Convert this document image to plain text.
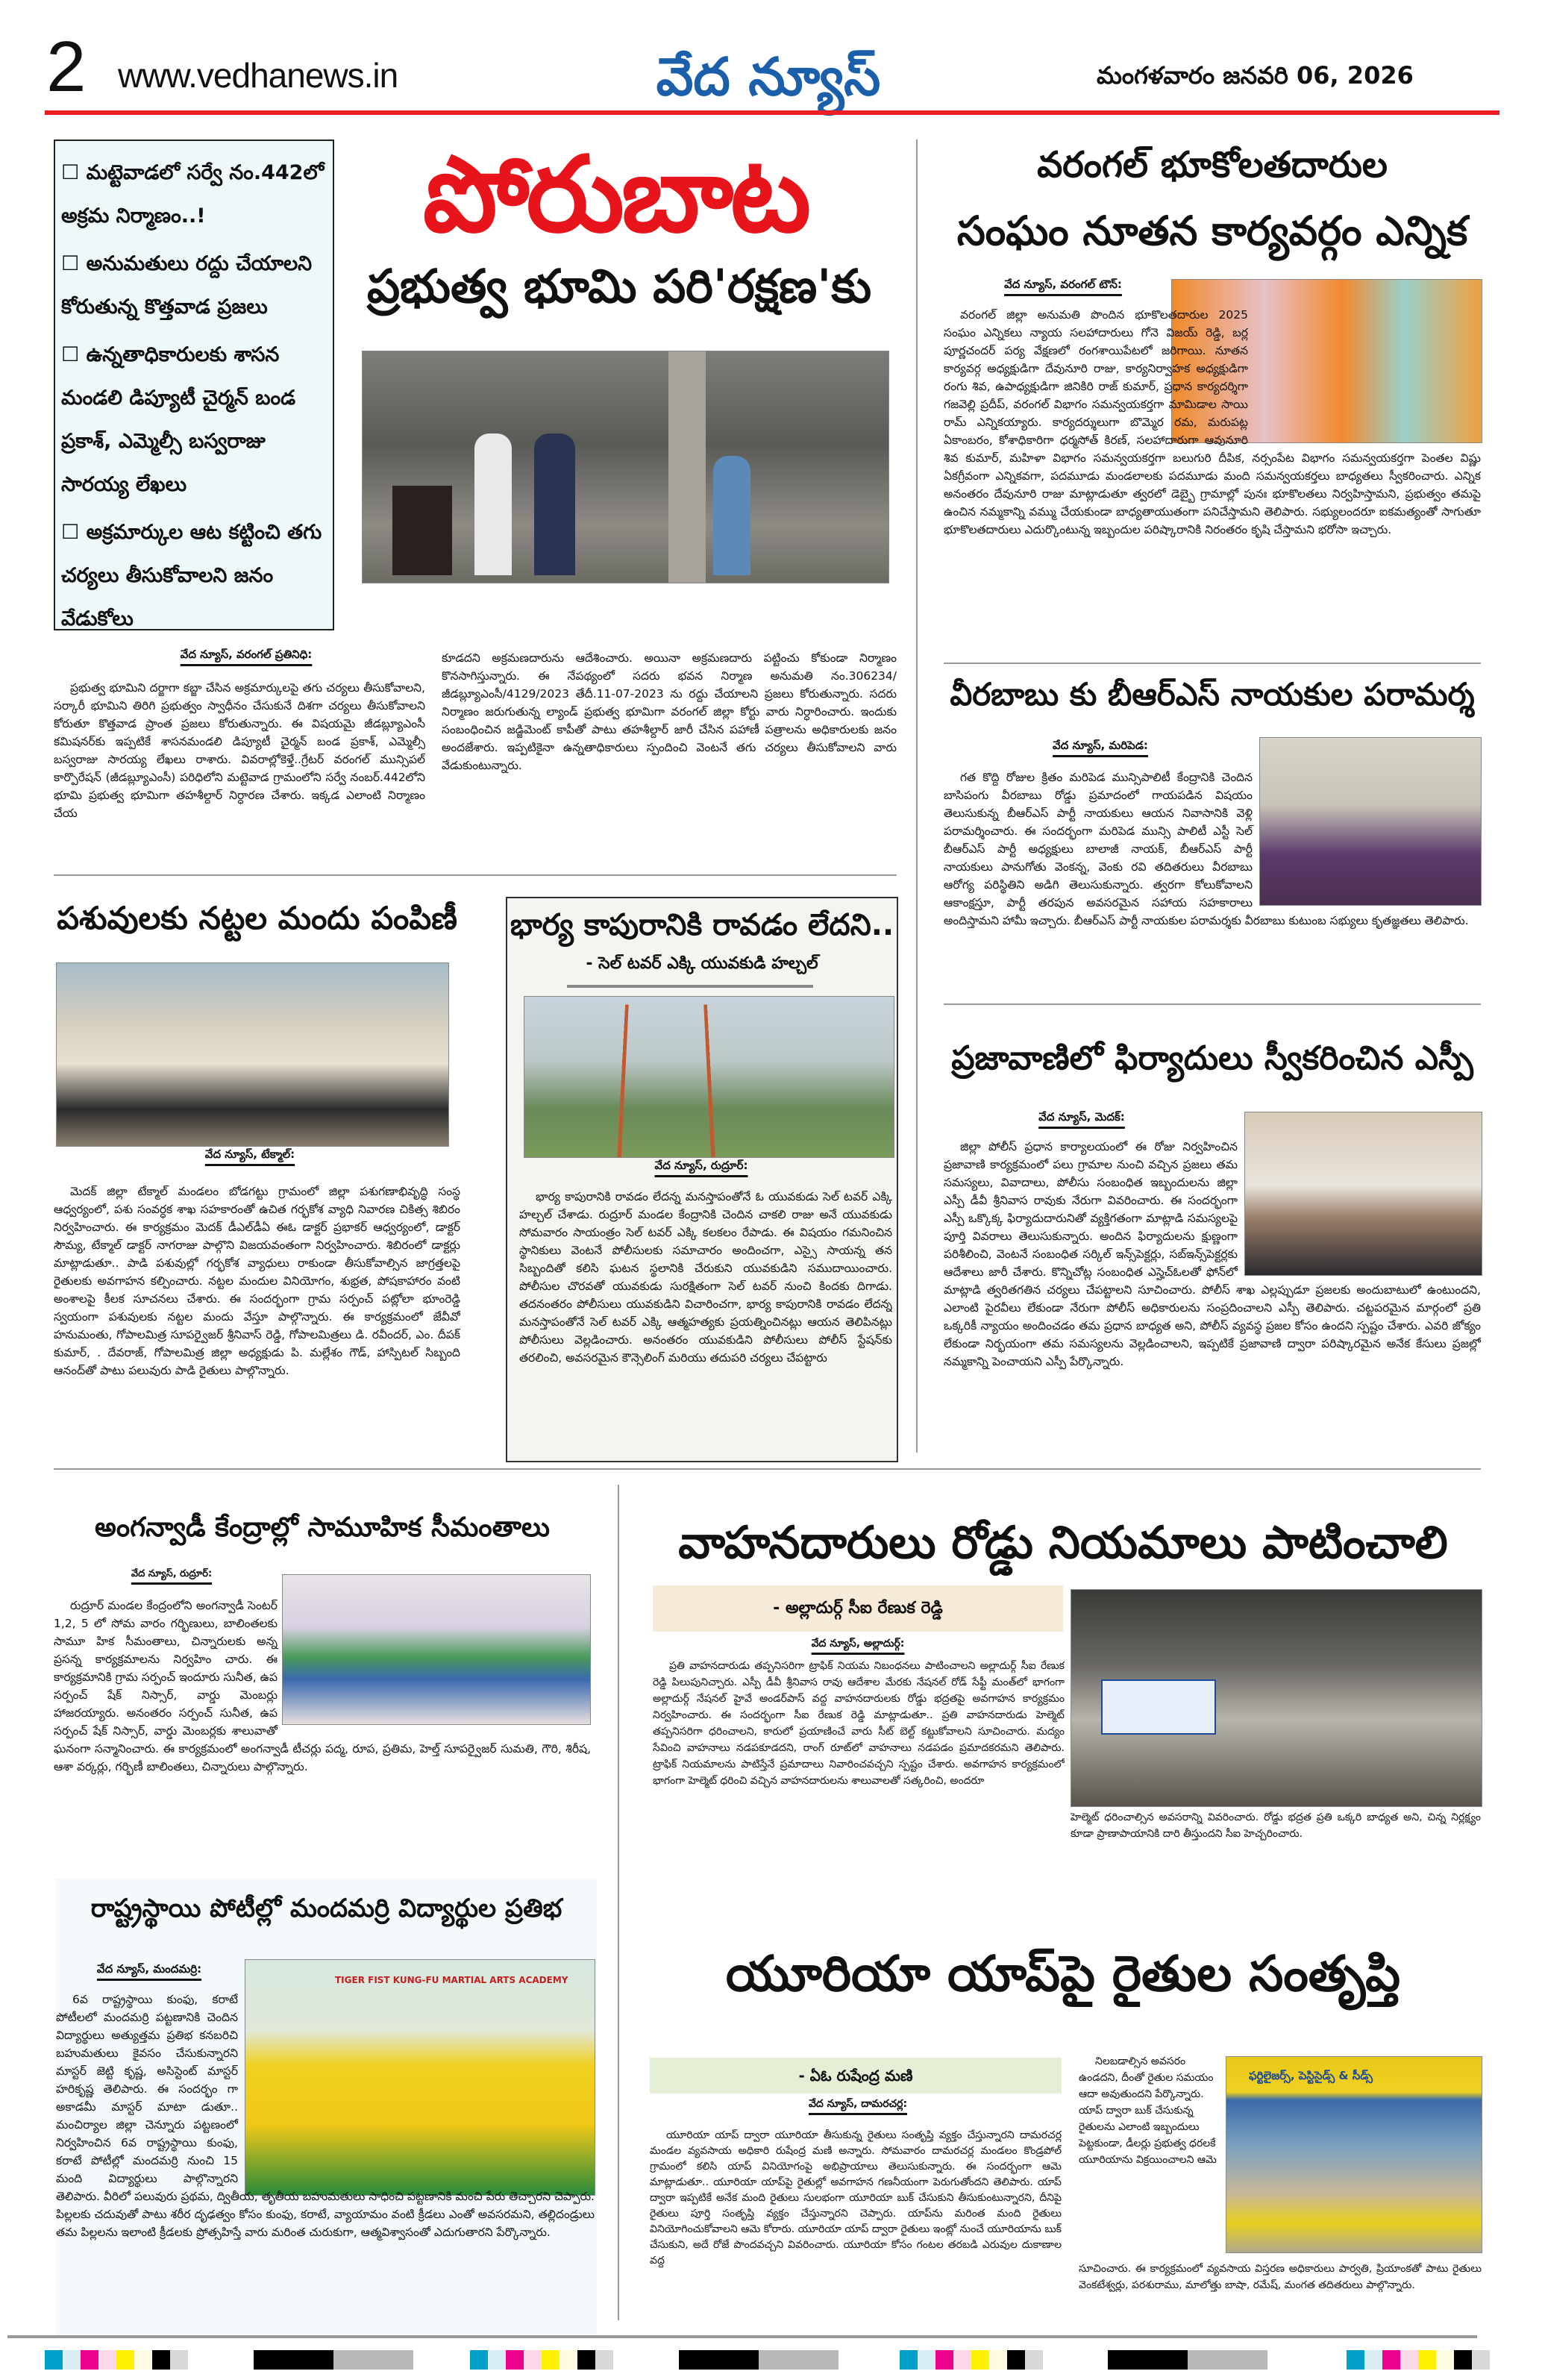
2 www.vedhanews.in	వేద న్యూస్	మంగళవారం జనవరి 06, 2026
☐ మట్టెవాడలో సర్వే నం.442లో అక్రమ నిర్మాణం..!
☐ అనుమతులు రద్దు చేయాలని కోరుతున్న కొత్తవాడ ప్రజలు
☐ ఉన్నతాధికారులకు శాసన మండలి డిప్యూటీ చైర్మన్ బండ ప్రకాశ్, ఎమ్మెల్సీ బస్వరాజు సారయ్య లేఖలు
☐ అక్రమార్కుల ఆట కట్టించి తగు చర్యలు తీసుకోవాలని జనం వేడుకోలు
పోరుబాట
ప్రభుత్వ భూమి పరి'రక్షణ'కు
వేద న్యూస్, వరంగల్ ప్రతినిధి:
ప్రభుత్వ భూమిని దర్జాగా కబ్జా చేసిన అక్రమార్కులపై తగు చర్యలు తీసుకోవాలని, సర్కారీ భూమిని తిరిగి ప్రభుత్వం స్వాధీనం చేసుకునే దిశగా చర్యలు తీసుకోవాలని కోరుతూ కొత్తవాడ ప్రాంత ప్రజలు కోరుతున్నారు. ఈ విషయమై జీడబ్ల్యూఎంసీ కమిషనర్‌కు ఇప్పటికే శాసనమండలి డిప్యూటీ చైర్మన్ బండ ప్రకాశ్, ఎమ్మెల్సీ బస్వరాజు సారయ్య లేఖలు రాశారు. వివరాల్లోకెళ్తే..గ్రేటర్ వరంగల్ మున్సిపల్ కార్పొరేషన్ (జీడబ్ల్యూఎంసీ) పరిధిలోని మట్టెవాడ గ్రామంలోని సర్వే నంబర్.442లోని భూమి ప్రభుత్వ భూమిగా తహశీల్దార్ నిర్ధారణ చేశారు. ఇక్కడ ఎలాంటి నిర్మాణం చేయ
కూడదని అక్రమణదారును ఆదేశించారు. అయినా అక్రమణదారు పట్టించు కోకుండా నిర్మాణం కొనసాగిస్తున్నారు. ఈ నేపథ్యంలో సదరు భవన నిర్మాణ అనుమతి నం.306234/జీడబ్ల్యూఎంసీ/4129/2023 తేదీ.11-07-2023 ను రద్దు చేయాలని ప్రజలు కోరుతున్నారు. సదరు నిర్మాణం జరుగుతున్న ల్యాండ్ ప్రభుత్వ భూమిగా వరంగల్ జిల్లా కోర్టు వారు నిర్ధారించారు. ఇందుకు సంబంధించిన జడ్జిమెంట్ కాపీతో పాటు తహశీల్దార్ జారీ చేసిన పహాణీ పత్రాలను అధికారులకు జనం అందజేశారు. ఇప్పటికైనా ఉన్నతాధికారులు స్పందించి వెంటనే తగు చర్యలు తీసుకోవాలని వారు వేడుకుంటున్నారు.
వరంగల్ భూకోలతదారుల
సంఘం నూతన కార్యవర్గం ఎన్నిక
వేద న్యూస్, వరంగల్ టౌన్:
వరంగల్ జిల్లా అనుమతి పొందిన భూకొలతదారుల 2025 సంఘం ఎన్నికలు న్యాయ సలహాదారులు గోనె విజయ్ రెడ్డి, బర్ల పూర్ణచందర్ పర్య వేక్షణలో రంగశాయిపేటలో జరిగాయి. నూతన కార్యవర్గ అధ్యక్షుడిగా దేవునూరి రాజు, కార్యనిర్వాహక అధ్యక్షుడిగా రంగు శివ, ఉపాధ్యక్షుడిగా జినికిరి రాజ్ కుమార్, ప్రధాన కార్యదర్శిగా గజవెల్లి ప్రదీప్, వరంగల్ విభాగం సమన్వయకర్తగా మామిడాల సాయి రామ్ ఎన్నికయ్యారు. కార్యదర్శులుగా బొమ్మెర రమ, మరుపట్ల ఏకాంబరం, కోశాధికారిగా ధర్మసోత్ కిరణ్, సలహాదారుగా ఆవునూరి శివ కుమార్, మహిళా విభాగం సమన్వయకర్తగా బలుగురి దీపిక, నర్సంపేట విభాగం సమన్వయకర్తగా పెంతల విష్ణు ఏకగ్రీవంగా ఎన్నికవగా, పదమూడు మండలాలకు పదమూడు మంది సమన్వయకర్తలు బాధ్యతలు స్వీకరించారు. ఎన్నిక అనంతరం దేవునూరి రాజు మాట్లాడుతూ త్వరలో డెబ్బై గ్రామాల్లో పునః భూకొలతలు నిర్వహిస్తామని, ప్రభుత్వం తమపై ఉంచిన నమ్మకాన్ని వమ్ము చేయకుండా బాధ్యతాయుతంగా పనిచేస్తామని తెలిపారు. సభ్యులందరూ ఐకమత్యంతో సాగుతూ భూకొలతదారులు ఎదుర్కొంటున్న ఇబ్బందుల పరిష్కారానికి నిరంతరం కృషి చేస్తామని భరోసా ఇచ్చారు.
వీరబాబు కు బీఆర్ఎస్ నాయకుల పరామర్శ
వేద న్యూస్, మరిపెడ:
గత కొద్ది రోజుల క్రితం మరిపెడ మున్సిపాలిటీ కేంద్రానికి చెందిన బాసిపంగు వీరబాబు రోడ్డు ప్రమాదంలో గాయపడిన విషయం తెలుసుకున్న బీఆర్ఎస్ పార్టీ నాయకులు ఆయన నివాసానికి వెళ్లి పరామర్శించారు. ఈ సందర్భంగా మరిపెడ మున్సి పాలిటీ ఎస్టీ సెల్ బీఆర్ఎస్ పార్టీ అధ్యక్షులు బాలాజీ నాయక్, బీఆర్ఎస్ పార్టీ నాయకులు పానుగోతు వెంకన్న, వెంకు రవి తదితరులు వీరబాబు ఆరోగ్య పరిస్థితిని అడిగి తెలుసుకున్నారు. త్వరగా కోలుకోవాలని ఆకాంక్షస్తూ, పార్టీ తరపున అవసరమైన సహాయ సహకారాలు అందిస్తామని హామీ ఇచ్చారు. బీఆర్ఎస్ పార్టీ నాయకుల పరామర్శకు వీరబాబు కుటుంబ సభ్యులు కృతజ్ఞతలు తెలిపారు.
ప్రజావాణిలో ఫిర్యాదులు స్వీకరించిన ఎస్పీ
వేద న్యూస్, మెదక్:
జిల్లా పోలీస్ ప్రధాన కార్యాలయంలో ఈ రోజు నిర్వహించిన ప్రజావాణి కార్యక్రమంలో పలు గ్రామాల నుంచి వచ్చిన ప్రజలు తమ సమస్యలు, వివాదాలు, పోలీసు సంబంధిత ఇబ్బందులను జిల్లా ఎస్పీ డీవీ శ్రీనివాస రావుకు నేరుగా వివరించారు. ఈ సందర్భంగా ఎస్పీ ఒక్కొక్క ఫిర్యాదుదారునితో వ్యక్తిగతంగా మాట్లాడి సమస్యలపై పూర్తి వివరాలు తెలుసుకున్నారు. అందిన ఫిర్యాదులను క్షుణ్ణంగా పరిశీలించి, వెంటనే సంబంధిత సర్కిల్ ఇన్స్‌పెక్టర్లు, సబ్‌ఇన్స్‌పెక్టర్లకు ఆదేశాలు జారీ చేశారు. కొన్నిచోట్ల సంబంధిత ఎస్హెచ్ఓలతో ఫోన్‌లో మాట్లాడి త్వరితగతిన చర్యలు చేపట్టాలని సూచించారు. పోలీస్ శాఖ ఎల్లప్పుడూ ప్రజలకు అందుబాటులో ఉంటుందని, ఎలాంటి పైరవీలు లేకుండా నేరుగా పోలీస్ అధికారులను సంప్రదించాలని ఎస్పీ తెలిపారు. చట్టపరమైన మార్గంలో ప్రతి ఒక్కరికీ న్యాయం అందించడం తమ ప్రధాన బాధ్యత అని, పోలీస్ వ్యవస్థ ప్రజల కోసం ఉందని స్పష్టం చేశారు. ఎవరి జోక్యం లేకుండా నిర్భయంగా తమ సమస్యలను వెల్లడించాలని, ఇప్పటికే ప్రజావాణి ద్వారా పరిష్కారమైన అనేక కేసులు ప్రజల్లో నమ్మకాన్ని పెంచాయని ఎస్పీ పేర్కొన్నారు.
పశువులకు నట్టల మందు పంపిణీ
వేద న్యూస్, టేక్మాల్:
మెదక్ జిల్లా టేక్మాల్ మండలం బోడగట్టు గ్రామంలో జిల్లా పశుగణాభివృద్ధి సంస్థ ఆధ్వర్యంలో, పశు సంవర్ధక శాఖ సహకారంతో ఉచిత గర్భకోశ వ్యాధి నివారణ చికిత్స శిబిరం నిర్వహించారు. ఈ కార్యక్రమం మెదక్ డీఎల్‌డీఏ ఈఓ డాక్టర్ ప్రభాకర్ ఆధ్వర్యంలో, డాక్టర్ సౌమ్య, టేక్మాల్ డాక్టర్ నాగరాజు పాల్గొని విజయవంతంగా నిర్వహించారు. శిబిరంలో డాక్టర్లు మాట్లాడుతూ.. పాడి పశువుల్లో గర్భకోశ వ్యాధులు రాకుండా తీసుకోవాల్సిన జాగ్రత్తలపై రైతులకు అవగాహన కల్పించారు. నట్టల మందుల వినియోగం, శుభ్రత, పోషకాహారం వంటి అంశాలపై కీలక సూచనలు చేశారు. ఈ సందర్భంగా గ్రామ సర్పంచ్ పట్లోలా భూంరెడ్డి స్వయంగా పశువులకు నట్టల మందు వేస్తూ పాల్గొన్నారు. ఈ కార్యక్రమంలో జేవీవో హనుమంతు, గోపాలమిత్ర సూపర్వైజర్ శ్రీనివాస్ రెడ్డి, గోపాలమిత్రలు డి. రవీందర్, ఎం. దీపక్ కుమార్, . దేవరాజ్, గోపాలమిత్ర జిల్లా అధ్యక్షుడు పి. మల్లేశం గౌడ్, హాస్పిటల్ సిబ్బంది ఆనంద్‌తో పాటు పలువురు పాడి రైతులు పాల్గొన్నారు.
భార్య కాపురానికి రావడం లేదని..
- సెల్ టవర్ ఎక్కి యువకుడి హల్చల్
వేద న్యూస్, రుద్రూర్:
భార్య కాపురానికి రావడం లేదన్న మనస్తాపంతోనే ఓ యువకుడు సెల్ టవర్ ఎక్కి హల్చల్ చేశాడు. రుద్రూర్ మండల కేంద్రానికి చెందిన చాకలి రాజు అనే యువకుడు సోమవారం సాయంత్రం సెల్ టవర్ ఎక్కి కలకలం రేపాడు. ఈ విషయం గమనించిన స్థానికులు వెంటనే పోలీసులకు సమాచారం అందించగా, ఎస్సై సాయన్న తన సిబ్బందితో కలిసి ఘటన స్థలానికి చేరుకుని యువకుడిని సముదాయించారు. పోలీసుల చొరవతో యువకుడు సురక్షితంగా సెల్ టవర్ నుంచి కిందకు దిగాడు. తదనంతరం పోలీసులు యువకుడిని విచారించగా, భార్య కాపురానికి రావడం లేదన్న మనస్తాపంతోనే సెల్ టవర్ ఎక్కి ఆత్మహత్యకు ప్రయత్నించినట్లు ఆయన తెలిపినట్లు పోలీసులు వెల్లడించారు. అనంతరం యువకుడిని పోలీసులు పోలీస్ స్టేషన్‌కు తరలించి, అవసరమైన కౌన్సెలింగ్ మరియు తదుపరి చర్యలు చేపట్టారు
అంగన్వాడీ కేంద్రాల్లో సామూహిక సీమంతాలు
వేద న్యూస్, రుద్రూర్:
రుద్రూర్ మండల కేంద్రంలోని అంగన్వాడీ సెంటర్ 1,2, 5 లో సోమ వారం గర్భిణులు, బాలింతలకు సామూ హిక సీమంతాలు, చిన్నారులకు అన్న ప్రసన్న కార్యక్రమాలను నిర్వహిం చారు. ఈ కార్యక్రమానికి గ్రామ సర్పంచ్ ఇందూరు సునీత, ఉప సర్పంచ్ షేక్ నిస్సార్, వార్డు మెంబర్లు హాజరయ్యారు. అనంతరం సర్పంచ్ సునీత, ఉప సర్పంచ్ షేక్ నిస్సార్, వార్డు మెంబర్లకు శాలువాతో ఘనంగా సన్మానించారు. ఈ కార్యక్రమంలో అంగన్వాడీ టీచర్లు పద్మ, రూప, ప్రతిమ, హెల్త్ సూపర్వైజర్ సుమతి, గౌరి, శిరీష, ఆశా వర్కర్లు, గర్భిణీ బాలింతలు, చిన్నారులు పాల్గొన్నారు.
రాష్ట్రస్థాయి పోటీల్లో మందమర్రి విద్యార్థుల ప్రతిభ
వేద న్యూస్, మందమర్రి:
TIGER FIST KUNG-FU MARTIAL ARTS ACADEMY
6వ రాష్ట్రస్థాయి కుంఫు, కరాటే పోటీలలో మందమర్రి పట్టణానికి చెందిన విద్యార్థులు అత్యుత్తమ ప్రతిభ కనబరిచి బహుమతులు కైవసం చేసుకున్నారని మాస్టర్ జెట్టి కృష్ణ, అసిస్టెంట్ మాస్టర్ హరికృష్ణ తెలిపారు. ఈ సందర్భం గా అకాడమీ మాస్టర్ మాటా డుతూ.. మంచిర్యాల జిల్లా చెన్నూరు పట్టణంలో నిర్వహించిన 6వ రాష్ట్రస్థాయి కుంఫు, కరాటే పోటీల్లో మందమర్రి నుంచి 15 మంది విద్యార్థులు పాల్గొన్నారని తెలిపారు. వీరిలో పలువురు ప్రథమ, ద్వితీయ, తృతీయ బహుమతులు సాధించి పట్టణానికి మంచి పేరు తెచ్చారని చెప్పారు. పిల్లలకు చదువుతో పాటు శరీర దృఢత్వం కోసం కుంఫు, కరాటే, వ్యాయామం వంటి క్రీడలు ఎంతో అవసరమని, తల్లిదండ్రులు తమ పిల్లలను ఇలాంటి క్రీడలకు ప్రోత్సహిస్తే వారు మరింత చురుకుగా, ఆత్మవిశ్వాసంతో ఎదుగుతారని పేర్కొన్నారు.
వాహనదారులు రోడ్డు నియమాలు పాటించాలి
- అల్లాదుర్గ్ సీఐ రేణుక రెడ్డి
వేద న్యూస్, అల్లాదుర్గ్:
ప్రతి వాహనదారుడు తప్పనిసరిగా ట్రాఫిక్ నియమ నిబంధనలు పాటించాలని అల్లాదుర్గ్ సీఐ రేణుక రెడ్డి పిలుపునిచ్చారు. ఎస్పీ డీవీ శ్రీనివాస రావు ఆదేశాల మేరకు నేషనల్ రోడ్ సేఫ్టీ మంత్‌లో భాగంగా అల్లాదుర్గ్ నేషనల్ హైవే అండర్‌పాస్ వద్ద వాహనదారులకు రోడ్డు భద్రతపై అవగాహన కార్యక్రమం నిర్వహించారు. ఈ సందర్భంగా సీఐ రేణుక రెడ్డి మాట్లాడుతూ.. ప్రతి వాహనదారుడు హెల్మెట్ తప్పనిసరిగా ధరించాలని, కారులో ప్రయాణించే వారు సీట్ బెల్ట్ కట్టుకోవాలని సూచించారు. మద్యం సేవించి వాహనాలు నడపకూడదని, రాంగ్ రూట్‌లో వాహనాలు నడపడం ప్రమాదకరమని తెలిపారు. ట్రాఫిక్ నియమాలను పాటిస్తేనే ప్రమాదాలు నివారించవచ్చని స్పష్టం చేశారు. అవగాహన కార్యక్రమంలో భాగంగా హెల్మెట్ ధరించి వచ్చిన వాహనదారులను శాలువాలతో సత్కరించి, అందరూ
హెల్మెట్ ధరించాల్సిన అవసరాన్ని వివరించారు. రోడ్డు భద్రత ప్రతి ఒక్కరి బాధ్యత అని, చిన్న నిర్లక్ష్యం కూడా ప్రాణాపాయానికి దారి తీస్తుందని సీఐ హెచ్చరించారు.
యూరియా యాప్‌పై రైతుల సంతృప్తి
- ఏఓ రుషేంద్ర మణి
వేద న్యూస్, దామరచర్ల:
యూరియా యాప్ ద్వారా యూరియా తీసుకున్న రైతులు సంతృప్తి వ్యక్తం చేస్తున్నారని దామరచర్ల మండల వ్యవసాయ అధికారి రుషేంద్ర మణి అన్నారు. సోమవారం దామరచర్ల మండలం కొండ్రపోల్ గ్రామంలో కలిసి యాప్ వినియోగంపై అభిప్రాయాలు తెలుసుకున్నారు. ఈ సందర్భంగా ఆమె మాట్లాడుతూ.. యూరియా యాప్‌పై రైతుల్లో అవగాహన గణనీయంగా పెరుగుతోందని తెలిపారు. యాప్ ద్వారా ఇప్పటికే అనేక మంది రైతులు సులభంగా యూరియా బుక్ చేసుకుని తీసుకుంటున్నారని, దీనిపై రైతులు పూర్తి సంతృప్తి వ్యక్తం చేస్తున్నారని చెప్పారు. యాప్‌ను మరింత మంది రైతులు వినియోగించుకోవాలని ఆమె కోరారు. యూరియా యాప్ ద్వారా రైతులు ఇంట్లో నుంచే యూరియాను బుక్ చేసుకుని, అదే రోజే పొందవచ్చని వివరించారు. యూరియా కోసం గంటల తరబడి ఎరువుల దుకాణాల వద్ద
నిలబడాల్సిన అవసరం ఉండదని, దీంతో రైతుల సమయం ఆదా అవుతుందని పేర్కొన్నారు. యాప్ ద్వారా బుక్ చేసుకున్న రైతులను ఎలాంటి ఇబ్బందులు పెట్టకుండా, డీలర్లు ప్రభుత్వ ధరలకే యూరియాను విక్రయించాలని ఆమె
ఫర్టిలైజర్స్, పెస్టిసైడ్స్ & సీడ్స్
సూచించారు. ఈ కార్యక్రమంలో వ్యవసాయ విస్తరణ అధికారులు పార్వతి, ప్రియాంకతో పాటు రైతులు వెంకటేశ్వర్లు, పరశురాము, మాలోత్తు బాషా, రమేష్, మంగత తదితరులు పాల్గొన్నారు.
